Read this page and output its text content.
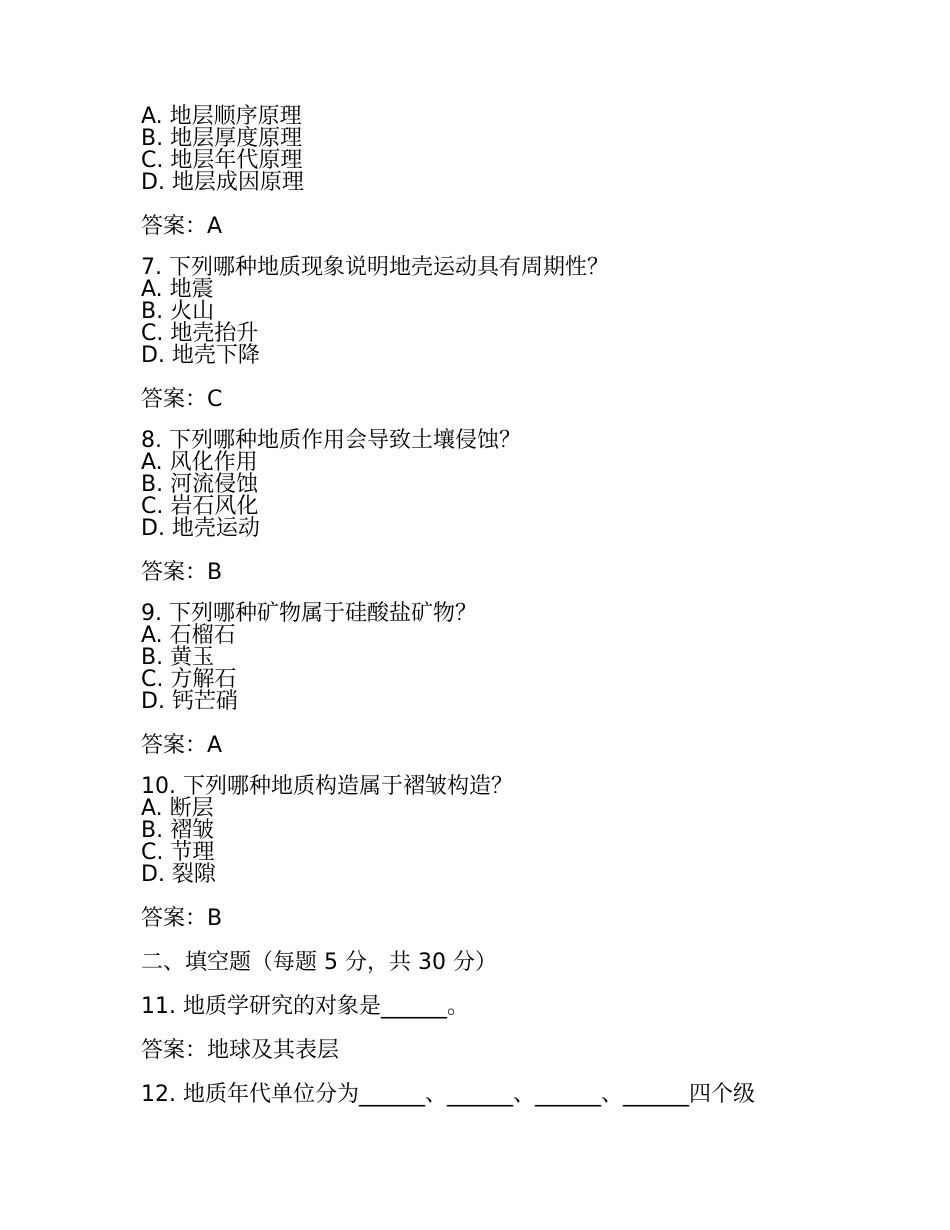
A. 地层顺序原理
B. 地层厚度原理
C. 地层年代原理
D. 地层成因原理
答案：A
7. 下列哪种地质现象说明地壳运动具有周期性？
A. 地震
B. 火山
C. 地壳抬升
D. 地壳下降
答案：C
8. 下列哪种地质作用会导致土壤侵蚀？
A. 风化作用
B. 河流侵蚀
C. 岩石风化
D. 地壳运动
答案：B
9. 下列哪种矿物属于硅酸盐矿物？
A. 石榴石
B. 黄玉
C. 方解石
D. 钙芒硝
答案：A
10. 下列哪种地质构造属于褶皱构造？
A. 断层
B. 褶皱
C. 节理
D. 裂隙
答案：B
二、填空题（每题 5 分，共 30 分）
11. 地质学研究的对象是______。
答案：地球及其表层
12. 地质年代单位分为______、______、______、______四个级
